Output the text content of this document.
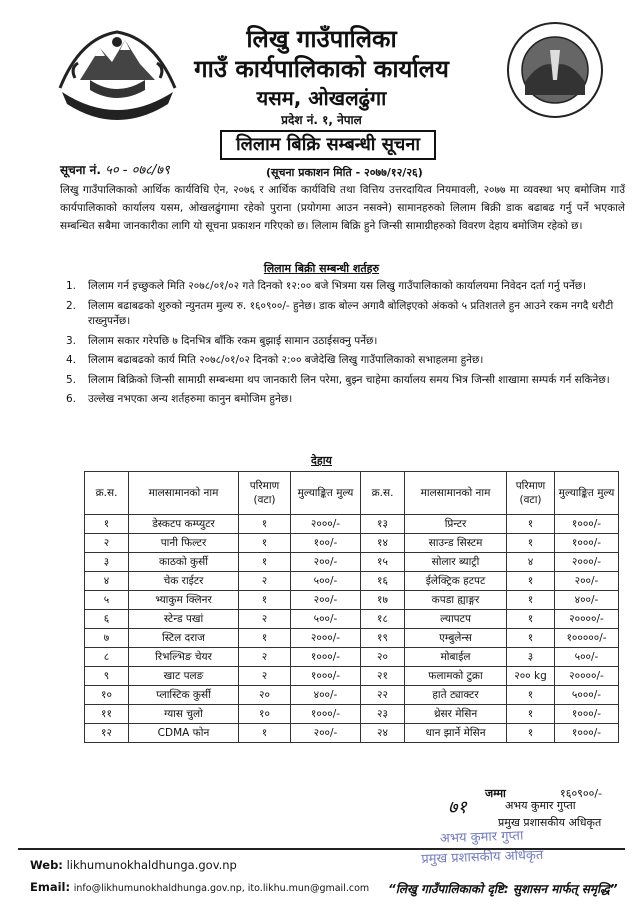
लिखु गाउँपालिका
गाउँ कार्यपालिकाको कार्यालय
यसम, ओखलढुंगा
प्रदेश नं. १, नेपाल
लिलाम बिक्रि सम्बन्धी सूचना
सूचना नं. ५० - ०७८/७९	(सूचना प्रकाशन मिति - २०७७/१२/२६)
लिखु गाउँपालिकाको आर्थिक कार्यविधि ऐन, २०७६ र आर्थिक कार्यविधि तथा वित्तिय उत्तरदायित्व नियमावली, २०७७ मा व्यवस्था भए बमोजिम गाउँ कार्यपालिकाको कार्यालय यसम, ओखलढुंगामा रहेको पुराना (प्रयोगमा आउन नसक्ने) सामानहरुको लिलाम बिक्री डाक बढाबढ गर्नु पर्ने भएकाले सम्बन्धित सबैमा जानकारीका लागि यो सूचना प्रकाशन गरिएको छ। लिलाम बिक्रि हुने जिन्सी सामाग्रीहरुको विवरण देहाय बमोजिम रहेको छ।
लिलाम बिक्री सम्बन्धी शर्तहरु
1. लिलाम गर्न इच्छुकले मिति २०७८/०१/०२ गते दिनको १२:०० बजे भित्रमा यस लिखु गाउँपालिकाको कार्यालयमा निवेदन दर्ता गर्नु पर्नेछ।
2. लिलाम बढाबढको शुरुको न्युनतम मुल्य रु. १६०९००/- हुनेछ। डाक बोल्न अगावै बोलिइएको अंकको ५ प्रतिशतले हुन आउने रकम नगदै धरौटी राख्नुपर्नेछ।
3. लिलाम सकार गरेपछि ७ दिनभित्र बाँकि रकम बुझाई सामान उठाईसक्नु पर्नेछ।
4. लिलाम बढाबढको कार्य मिति २०७८/०१/०२ दिनको २:०० बजेदेखि लिखु गाउँपालिकाको सभाहलमा हुनेछ।
5. लिलाम बिक्रिको जिन्सी सामाग्री सम्बन्धमा थप जानकारी लिन परेमा, बुझ्न चाहेमा कार्यालय समय भित्र जिन्सी शाखामा सम्पर्क गर्न सकिनेछ।
6. उल्लेख नभएका अन्य शर्तहरुमा कानुन बमोजिम हुनेछ।
देहाय
क्र.स.	मालसामानको नाम	परिमाण (वटा)	मुल्याङ्कित मुल्य
१	डेस्कटप कम्प्युटर	१	२०००/-
२	पानी फिल्टर	१	१००/-
३	काठको कुर्सी	१	२००/-
४	चेक राईटर	२	५००/-
५	भ्याकुम क्लिनर	१	२००/-
६	स्टेन्ड पखां	२	५००/-
७	स्टिल दराज	१	२०००/-
८	रिभल्भिङ चेयर	२	१०००/-
९	खाट पलङ	२	१०००/-
१०	प्लास्टिक कुर्सी	२०	४००/-
११	ग्यास चुलो	१०	१०००/-
१२	CDMA फोन	१	२००/-
क्र.स.	मालसामानको नाम	परिमाण (वटा)	मुल्याङ्कित मुल्य
१३	प्रिन्टर	१	१०००/-
१४	साउन्ड सिस्टम	१	१०००/-
१५	सोलार ब्याट्री	४	२०००/-
१६	ईलेक्ट्रिक हटपट	१	२००/-
१७	कपडा ह्याङ्गर	१	४००/-
१८	ल्यापटप	१	२००००/-
१९	एम्बुलेन्स	१	१०००००/-
२०	मोबाईल	३	५००/-
२१	फलामको टुक्रा	२०० kg	२००००/-
२२	हाते ट्याक्टर	१	५०००/-
२३	थ्रेसर मेसिन	१	१०००/-
२४	धान झार्ने मेसिन	१	१०००/-
जम्मा	१६०९००/-
७१	अभय कुमार गुप्ता
प्रमुख प्रशासकीय अधिकृत
अभय कुमार गुप्ता
प्रमुख प्रशासकीय अधिकृत
Web: likhumunokhaldhunga.gov.np
Email: info@likhumunokhaldhunga.gov.np, ito.likhu.mun@gmail.com “लिखु गाउँपालिकाको दृष्टि: सुशासन मार्फत् समृद्धि”
